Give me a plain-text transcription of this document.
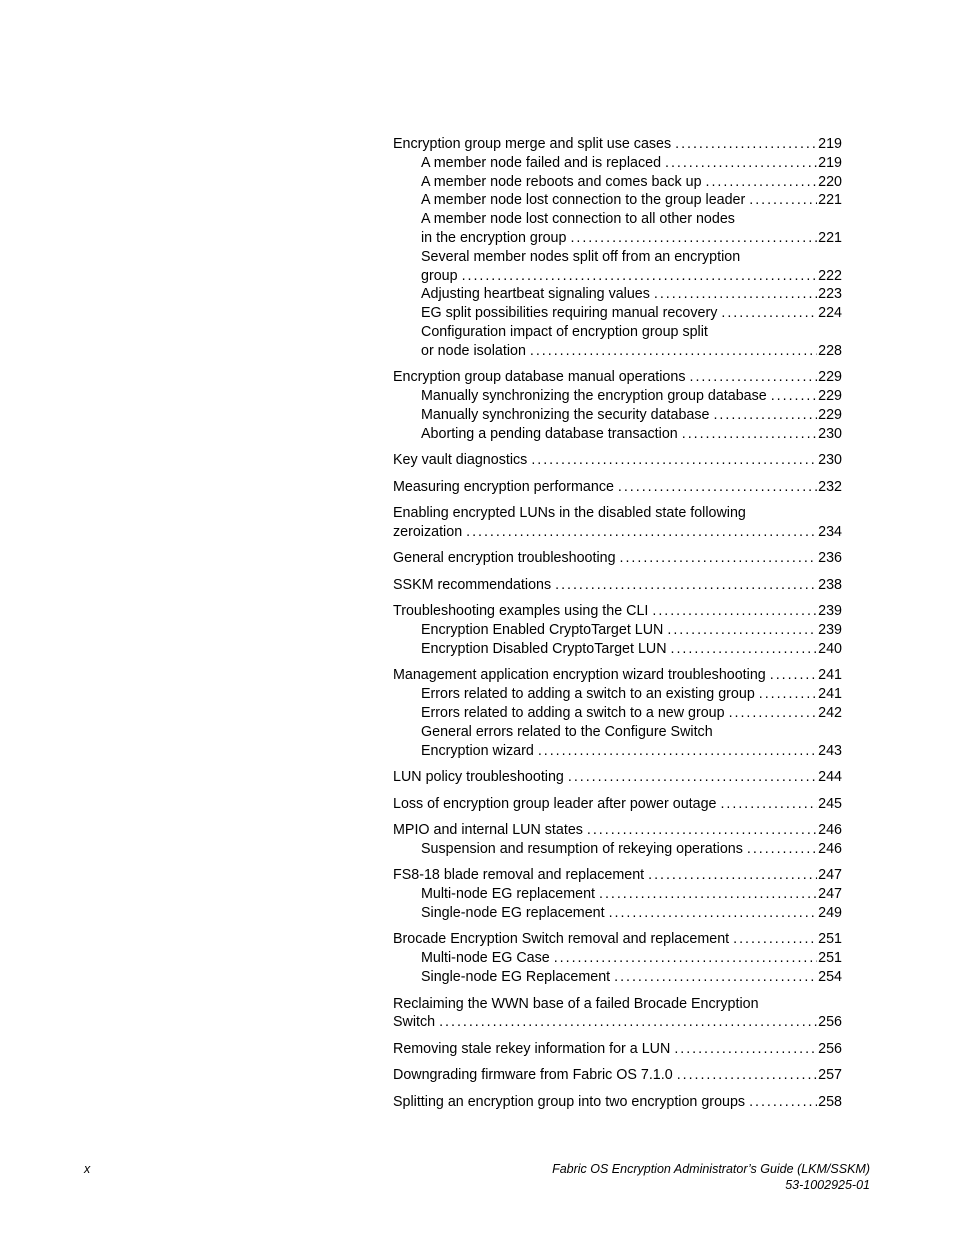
Encryption group merge and split use cases . . .	219
A member node failed and is replaced . . .	219
A member node reboots and comes back up . . .	220
A member node lost connection to the group leader . . .	221
A member node lost connection to all other nodes
in the encryption group . . .	221
Several member nodes split off from an encryption
group . . .	222
Adjusting heartbeat signaling values . . .	223
EG split possibilities requiring manual recovery . . .	224
Configuration impact of encryption group split
or node isolation . . .	228
Encryption group database manual operations . . .	229
Manually synchronizing the encryption group database . . .	229
Manually synchronizing the security database . . .	229
Aborting a pending database transaction . . .	230
Key vault diagnostics . . .	230
Measuring encryption performance . . .	232
Enabling encrypted LUNs in the disabled state following
zeroization . . .	234
General encryption troubleshooting . . .	236
SSKM recommendations . . .	238
Troubleshooting examples using the CLI . . .	239
Encryption Enabled CryptoTarget LUN . . .	239
Encryption Disabled CryptoTarget LUN . . .	240
Management application encryption wizard troubleshooting . . .	241
Errors related to adding a switch to an existing group . . .	241
Errors related to adding a switch to a new group . . .	242
General errors related to the Configure Switch
Encryption wizard . . .	243
LUN policy troubleshooting . . .	244
Loss of encryption group leader after power outage . . .	245
MPIO and internal LUN states . . .	246
Suspension and resumption of rekeying operations . . .	246
FS8-18 blade removal and replacement . . .	247
Multi-node EG replacement . . .	247
Single-node EG replacement . . .	249
Brocade Encryption Switch removal and replacement . . .	251
Multi-node EG Case . . .	251
Single-node EG Replacement . . .	254
Reclaiming the WWN base of a failed Brocade Encryption
Switch . . .	256
Removing stale rekey information for a LUN . . .	256
Downgrading firmware from Fabric OS 7.1.0 . . .	257
Splitting an encryption group into two encryption groups . . .	258
x	Fabric OS Encryption Administrator’s Guide (LKM/SSKM)
53-1002925-01
